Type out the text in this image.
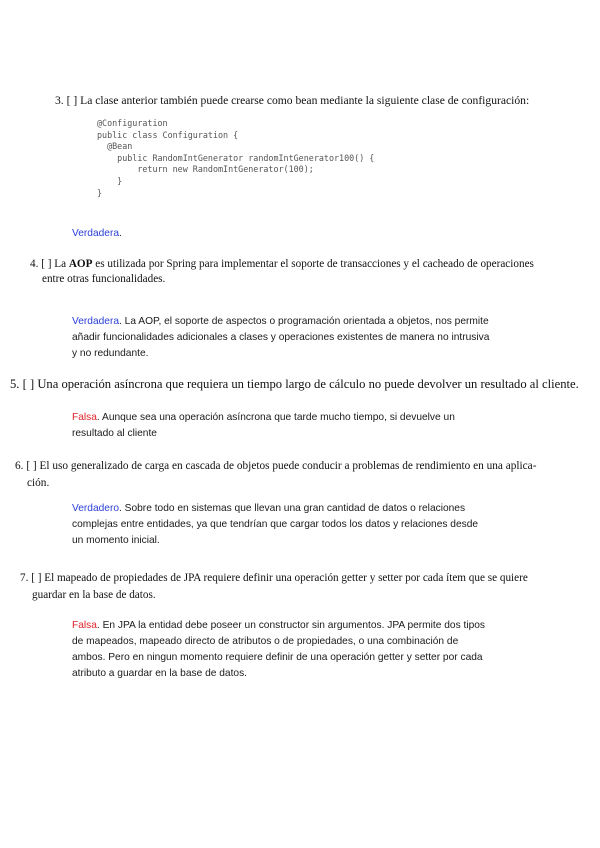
3. [ ] La clase anterior también puede crearse como bean mediante la siguiente clase de configuración:
@Configuration
public class Configuration {
@Bean
public RandomIntGenerator randomIntGenerator100() {
return new RandomIntGenerator(100);
}
}
Verdadera.
4. [ ] La AOP es utilizada por Spring para implementar el soporte de transacciones y el cacheado de operaciones
entre otras funcionalidades.
Verdadera. La AOP, el soporte de aspectos o programación orientada a objetos, nos permite
añadir funcionalidades adicionales a clases y operaciones existentes de manera no intrusiva
y no redundante.
5. [ ] Una operación asíncrona que requiera un tiempo largo de cálculo no puede devolver un resultado al cliente.
Falsa. Aunque sea una operación asíncrona que tarde mucho tiempo, si devuelve un
resultado al cliente
6. [ ] El uso generalizado de carga en cascada de objetos puede conducir a problemas de rendimiento en una aplica-
ción.
Verdadero. Sobre todo en sistemas que llevan una gran cantidad de datos o relaciones
complejas entre entidades, ya que tendrían que cargar todos los datos y relaciones desde
un momento inicial.
7. [ ] El mapeado de propiedades de JPA requiere definir una operación getter y setter por cada ítem que se quiere
guardar en la base de datos.
Falsa. En JPA la entidad debe poseer un constructor sin argumentos. JPA permite dos tipos
de mapeados, mapeado directo de atributos o de propiedades, o una combinación de
ambos. Pero en ningun momento requiere definir de una operación getter y setter por cada
atributo a guardar en la base de datos.
